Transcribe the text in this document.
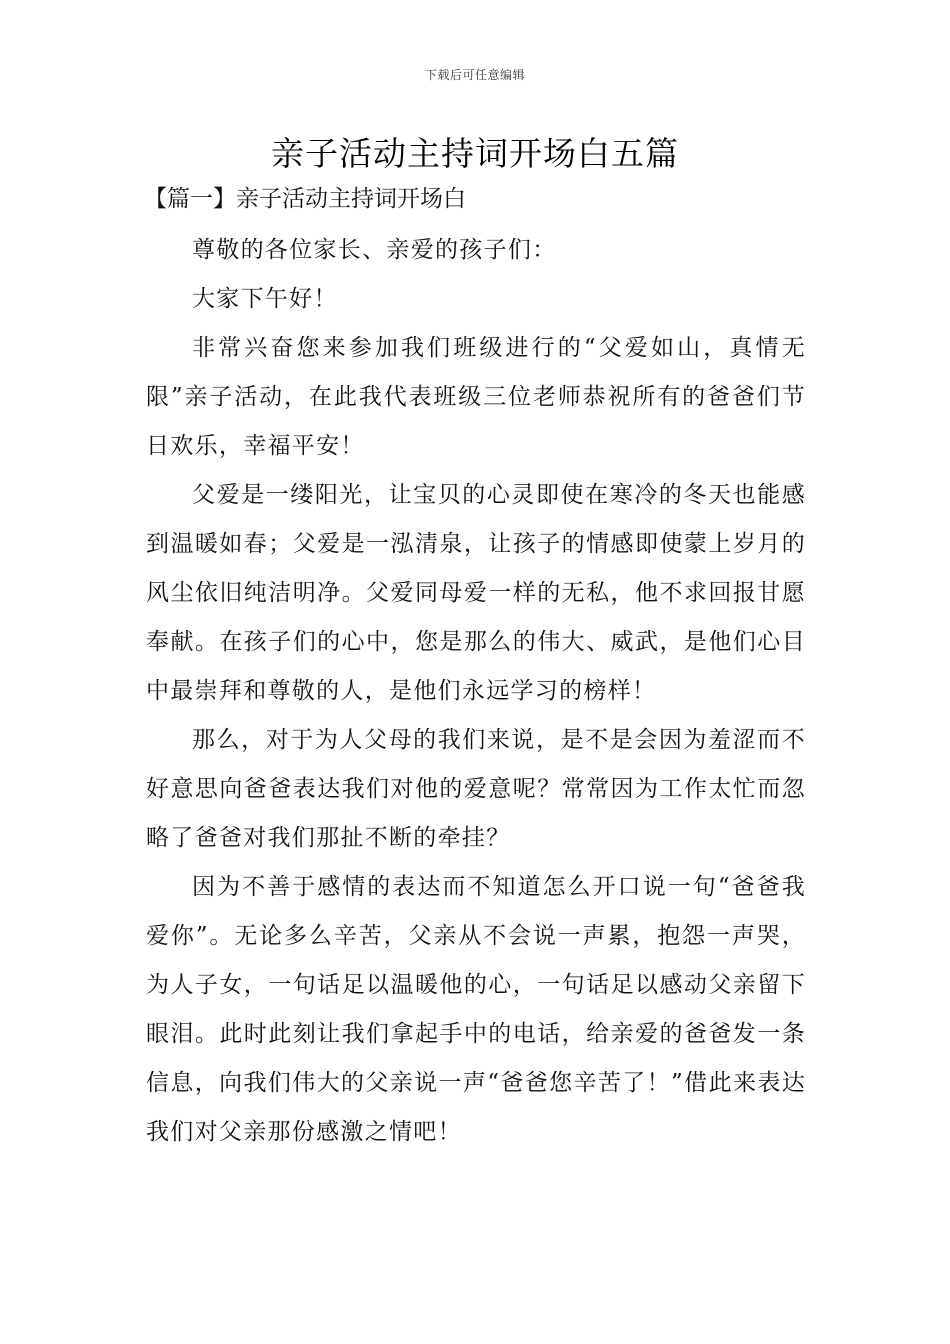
下载后可任意编辑
亲子活动主持词开场白五篇
【篇一】亲子活动主持词开场白

尊敬的各位家长、亲爱的孩子们：

大家下午好！

非常兴奋您来参加我们班级进行的“父爱如山，真情无限”亲子活动，在此我代表班级三位老师恭祝所有的爸爸们节日欢乐，幸福平安！

父爱是一缕阳光，让宝贝的心灵即使在寒冷的冬天也能感到温暖如春；父爱是一泓清泉，让孩子的情感即使蒙上岁月的风尘依旧纯洁明净。父爱同母爱一样的无私，他不求回报甘愿奉献。在孩子们的心中，您是那么的伟大、威武，是他们心目中最崇拜和尊敬的人，是他们永远学习的榜样！

那么，对于为人父母的我们来说，是不是会因为羞涩而不好意思向爸爸表达我们对他的爱意呢？常常因为工作太忙而忽略了爸爸对我们那扯不断的牵挂？

因为不善于感情的表达而不知道怎么开口说一句“爸爸我爱你”。无论多么辛苦，父亲从不会说一声累，抱怨一声哭，为人子女，一句话足以温暖他的心，一句话足以感动父亲留下眼泪。此时此刻让我们拿起手中的电话，给亲爱的爸爸发一条信息，向我们伟大的父亲说一声“爸爸您辛苦了！”借此来表达我们对父亲那份感激之情吧！
